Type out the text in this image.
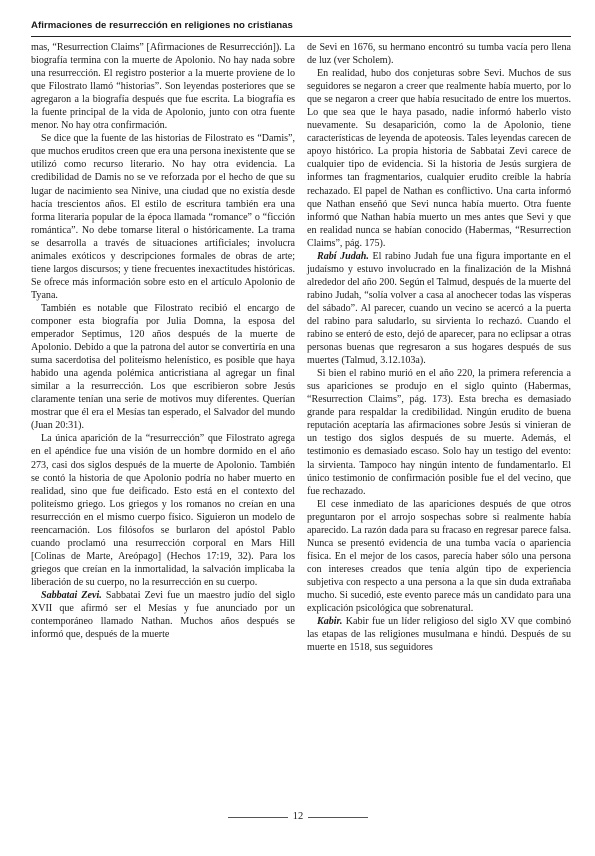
Afirmaciones de resurrección en religiones no cristianas

mas, “Resurrection Claims” [Afirmaciones de Resurrección]). La biografía termina con la muerte de Apolonio. No hay nada sobre una resurrección. El registro posterior a la muerte proviene de lo que Filostrato llamó “historias”. Son leyendas posteriores que se agregaron a la biografía después que fue escrita. La biografía es la fuente principal de la vida de Apolonio, junto con otra fuente menor. No hay otra confirmación.

Se dice que la fuente de las historias de Filostrato es “Damis”, que muchos eruditos creen que era una persona inexistente que se utilizó como recurso literario. No hay otra evidencia. La credibilidad de Damis no se ve reforzada por el hecho de que su lugar de nacimiento sea Ninive, una ciudad que no existía desde hacía trescientos años. El estilo de escritura también era una forma literaria popular de la época llamada “romance” o “ficción romántica”. No debe tomarse literal o históricamente. La trama se desarrolla a través de situaciones artificiales; involucra animales exóticos y descripciones formales de obras de arte; tiene largos discursos; y tiene frecuentes inexactitudes históricas. Se ofrece más información sobre esto en el artículo Apolonio de Tyana.

También es notable que Filostrato recibió el encargo de componer esta biografía por Julia Domna, la esposa del emperador Septimus, 120 años después de la muerte de Apolonio. Debido a que la patrona del autor se convertiría en una suma sacerdotisa del politeísmo helenístico, es posible que haya habido una agenda polémica anticristiana al agregar un final similar a la resurrección. Los que escribieron sobre Jesús claramente tenían una serie de motivos muy diferentes. Querían mostrar que él era el Mesías tan esperado, el Salvador del mundo (Juan 20:31).

La única aparición de la “resurrección” que Filostrato agrega en el apéndice fue una visión de un hombre dormido en el año 273, casi dos siglos después de la muerte de Apolonio. También se contó la historia de que Apolonio podría no haber muerto en realidad, sino que fue deificado. Esto está en el contexto del politeísmo griego. Los griegos y los romanos no creían en una resurrección en el mismo cuerpo físico. Siguieron un modelo de reencarnación. Los filósofos se burlaron del apóstol Pablo cuando proclamó una resurrección corporal en Mars Hill [Colinas de Marte, Areópago] (Hechos 17:19, 32). Para los griegos que creían en la inmortalidad, la salvación implicaba la liberación de su cuerpo, no la resurrección en su cuerpo.

Sabbatai Zevi. Sabbatai Zevi fue un maestro judío del siglo XVII que afirmó ser el Mesías y fue anunciado por un contemporáneo llamado Nathan. Muchos años después se informó que, después de la muerte

de Sevi en 1676, su hermano encontró su tumba vacía pero llena de luz (ver Scholem).

En realidad, hubo dos conjeturas sobre Sevi. Muchos de sus seguidores se negaron a creer que realmente había muerto, por lo que se negaron a creer que había resucitado de entre los muertos. Lo que sea que le haya pasado, nadie informó haberlo visto nuevamente. Su desaparición, como la de Apolonio, tiene características de leyenda de apoteosis. Tales leyendas carecen de apoyo histórico. La propia historia de Sabbatai Zevi carece de cualquier tipo de evidencia. Si la historia de Jesús surgiera de informes tan fragmentarios, cualquier erudito creíble la habría rechazado. El papel de Nathan es conflictivo. Una carta informó que Nathan enseñó que Sevi nunca había muerto. Otra fuente informó que Nathan había muerto un mes antes que Sevi y que en realidad nunca se habían conocido (Habermas, “Resurrection Claims”, pág. 175).

Rabí Judah. El rabino Judah fue una figura importante en el judaísmo y estuvo involucrado en la finalización de la Mishná alrededor del año 200. Según el Talmud, después de la muerte del rabino Judah, “solía volver a casa al anochecer todas las vísperas del sábado”. Al parecer, cuando un vecino se acercó a la puerta del rabino para saludarlo, su sirvienta lo rechazó. Cuando el rabino se enteró de esto, dejó de aparecer, para no eclipsar a otras personas buenas que regresaron a sus hogares después de sus muertes (Talmud, 3.12.103a).

Si bien el rabino murió en el año 220, la primera referencia a sus apariciones se produjo en el siglo quinto (Habermas, “Resurrection Claims”, pág. 173). Esta brecha es demasiado grande para respaldar la credibilidad. Ningún erudito de buena reputación aceptaría las afirmaciones sobre Jesús si vinieran de un testigo dos siglos después de su muerte. Además, el testimonio es demasiado escaso. Solo hay un testigo del evento: la sirvienta. Tampoco hay ningún intento de fundamentarlo. El único testimonio de confirmación posible fue el del vecino, que fue rechazado.

El cese inmediato de las apariciones después de que otros preguntaron por el arrojo sospechas sobre si realmente había aparecido. La razón dada para su fracaso en regresar parece falsa. Nunca se presentó evidencia de una tumba vacía o apariencia física. En el mejor de los casos, parecía haber sólo una persona con intereses creados que tenía algún tipo de experiencia subjetiva con respecto a una persona a la que sin duda extrañaba mucho. Si sucedió, este evento parece más un candidato para una explicación psicológica que sobrenatural.

Kabir. Kabir fue un líder religioso del siglo XV que combinó las etapas de las religiones musulmana e hindú. Después de su muerte en 1518, sus seguidores

12
